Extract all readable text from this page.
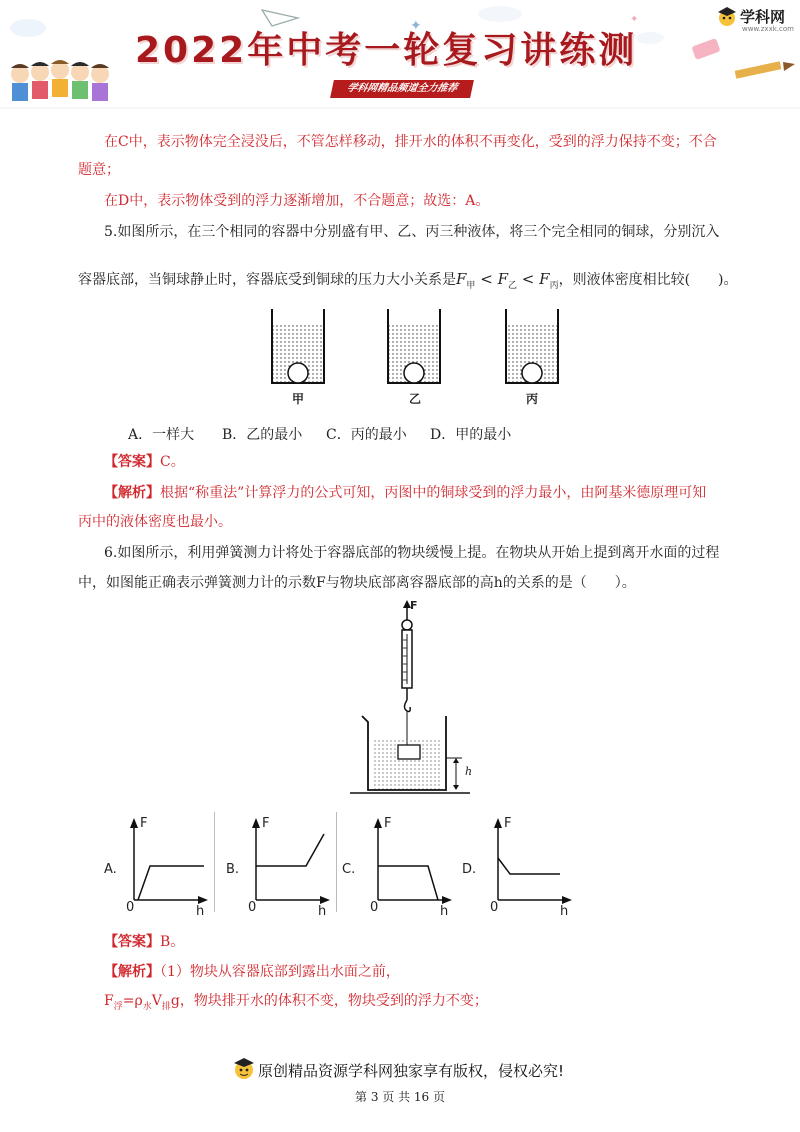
✦	✦
2022年中考一轮复习讲练测
学科网精品频道全力推荐
学科网
www.zxxk.com
在C中，表示物体完全浸没后，不管怎样移动，排开水的体积不再变化，受到的浮力保持不变；不合
题意；
在D中，表示物体受到的浮力逐渐增加，不合题意；故选：A。
5.如图所示，在三个相同的容器中分别盛有甲、乙、丙三种液体，将三个完全相同的铜球，分别沉入
容器底部，当铜球静止时，容器底受到铜球的压力大小关系是$F_甲 < F_乙 < F_丙$，则液体密度相比较(　　)。
甲	乙	丙
A．一样大 B．乙的最小 C．丙的最小 D．甲的最小
【答案】C。
【解析】根据“称重法”计算浮力的公式可知，丙图中的铜球受到的浮力最小，由阿基米德原理可知
丙中的液体密度也最小。
6.如图所示，利用弹簧测力计将处于容器底部的物块缓慢上提。在物块从开始上提到离开水面的过程
中，如图能正确表示弹簧测力计的示数F与物块底部离容器底部的高h的关系的是（　　）。
F
h
A.
F
0	h
B.
F
0	h
C.
F
0	h
D.
F
0	h
【答案】B。
【解析】（1）物块从容器底部到露出水面之前，
$F_浮=\rho_水V_排g$，物块排开水的体积不变，物块受到的浮力不变；
原创精品资源学科网独家享有版权，侵权必究!
第 3 页 共 16 页
